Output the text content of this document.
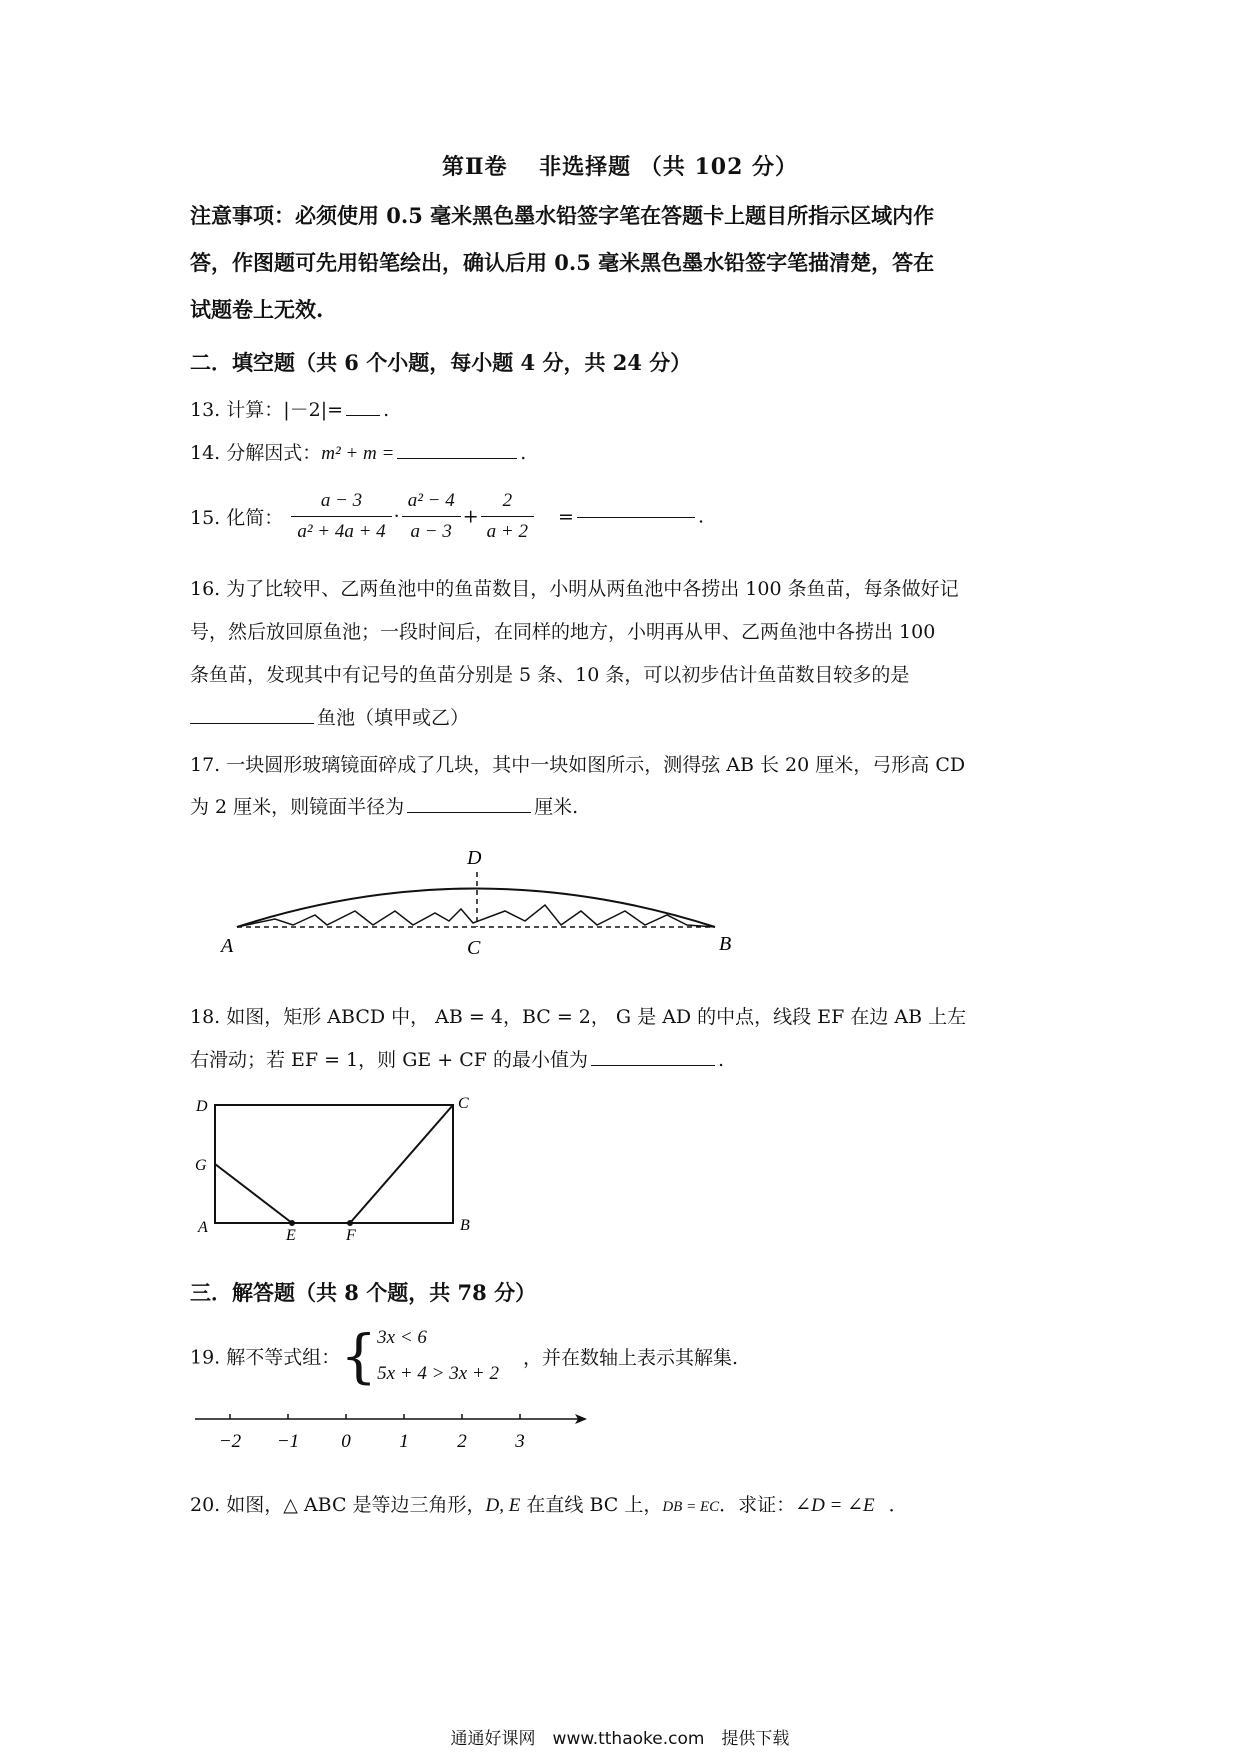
第Ⅱ卷　 非选择题 （共 102 分）
注意事项：必须使用 0.5 毫米黑色墨水铅签字笔在答题卡上题目所指示区域内作
答，作图题可先用铅笔绘出，确认后用 0.5 毫米黑色墨水铅签字笔描清楚，答在
试题卷上无效.
二．填空题（共 6 个小题，每小题 4 分，共 24 分）
13. 计算：|－2|= .
14. 分解因式：m² + m =	.
15. 化简： $\frac{a - 3}{\text{a² + 4a + 4}} \cdot \frac{\text{a² − 4}}{a - 3} + \frac{2}{a + 2}$ =	.
16. 为了比较甲、乙两鱼池中的鱼苗数目，小明从两鱼池中各捞出 100 条鱼苗，每条做好记
号，然后放回原鱼池；一段时间后，在同样的地方，小明再从甲、乙两鱼池中各捞出 100
条鱼苗，发现其中有记号的鱼苗分别是 5 条、10 条，可以初步估计鱼苗数目较多的是
鱼池（填甲或乙）
17. 一块圆形玻璃镜面碎成了几块，其中一块如图所示，测得弦 AB 长 20 厘米，弓形高 CD
为 2 厘米，则镜面半径为	厘米.
A	C	B
D
18. 如图，矩形 ABCD 中， AB = 4，BC = 2， G 是 AD 的中点，线段 EF 在边 AB 上左
右滑动；若 EF = 1，则 GE + CF 的最小值为	.
D	C
G
A	B
E	F
三．解答题（共 8 个题，共 78 分）
19. 解不等式组：{ 3x < 6
5x + 4 > 3x + 2
，并在数轴上表示其解集.
−2 −1 0	1	2	3
20. 如图，△ ABC 是等边三角形，D, E 在直线 BC 上，DB = EC．求证：∠D = ∠E ．
通通好课网　www.tthaoke.com　提供下载
